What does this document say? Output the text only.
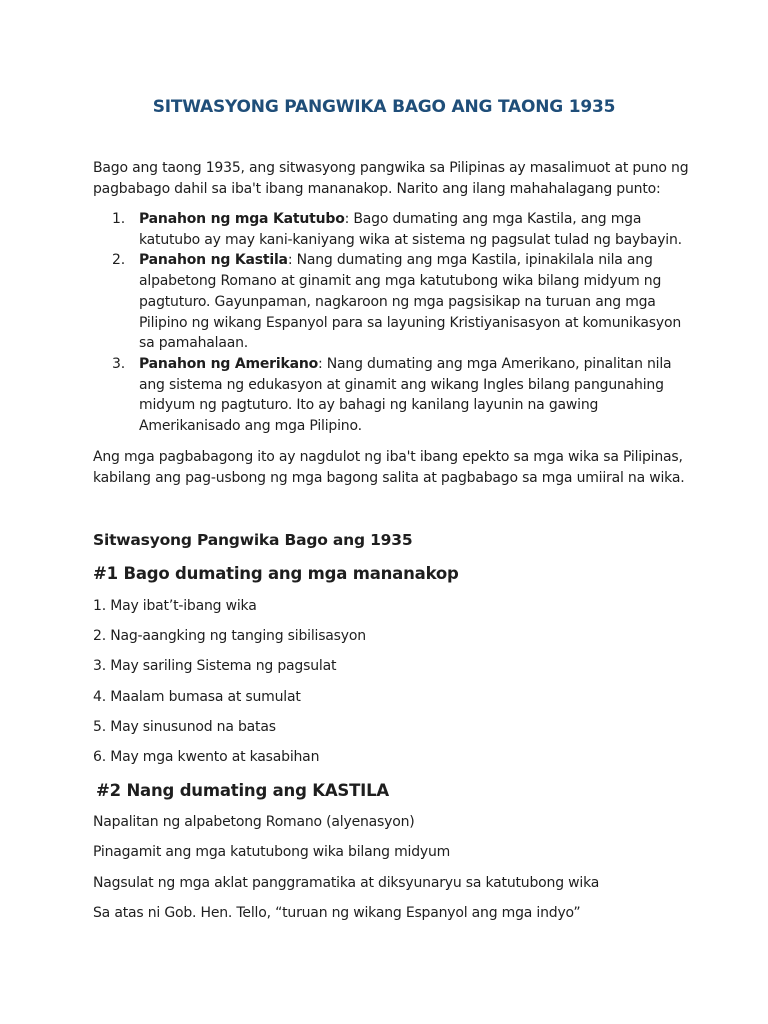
SITWASYONG PANGWIKA BAGO ANG TAONG 1935

Bago ang taong 1935, ang sitwasyong pangwika sa Pilipinas ay masalimuot at puno ng pagbabago dahil sa iba't ibang mananakop. Narito ang ilang mahahalagang punto:

1. Panahon ng mga Katutubo: Bago dumating ang mga Kastila, ang mga katutubo ay may kani-kaniyang wika at sistema ng pagsulat tulad ng baybayin.
2. Panahon ng Kastila: Nang dumating ang mga Kastila, ipinakilala nila ang alpabetong Romano at ginamit ang mga katutubong wika bilang midyum ng pagtuturo. Gayunpaman, nagkaroon ng mga pagsisikap na turuan ang mga Pilipino ng wikang Espanyol para sa layuning Kristiyanisasyon at komunikasyon sa pamahalaan.
3. Panahon ng Amerikano: Nang dumating ang mga Amerikano, pinalitan nila ang sistema ng edukasyon at ginamit ang wikang Ingles bilang pangunahing midyum ng pagtuturo. Ito ay bahagi ng kanilang layunin na gawing Amerikanisado ang mga Pilipino.

Ang mga pagbabagong ito ay nagdulot ng iba't ibang epekto sa mga wika sa Pilipinas, kabilang ang pag-usbong ng mga bagong salita at pagbabago sa mga umiiral na wika.

Sitwasyong Pangwika Bago ang 1935
#1 Bago dumating ang mga mananakop

1. May ibat’t-ibang wika

2. Nag-aangking ng tanging sibilisasyon

3. May sariling Sistema ng pagsulat

4. Maalam bumasa at sumulat

5. May sinusunod na batas

6. May mga kwento at kasabihan

#2 Nang dumating ang KASTILA

Napalitan ng alpabetong Romano (alyenasyon)

Pinagamit ang mga katutubong wika bilang midyum

Nagsulat ng mga aklat panggramatika at diksyunaryu sa katutubong wika

Sa atas ni Gob. Hen. Tello, “turuan ng wikang Espanyol ang mga indyo”
